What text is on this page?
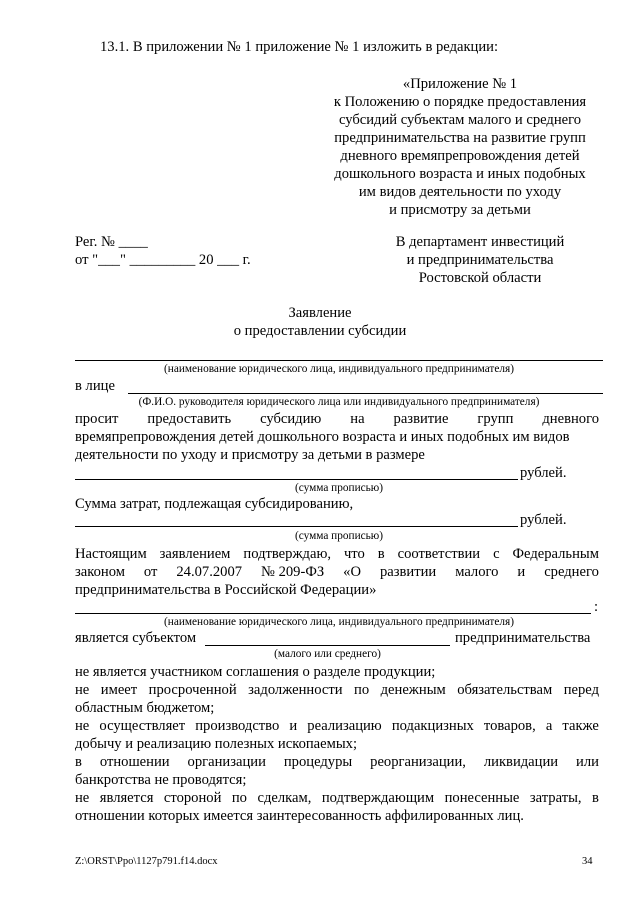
13.1. В приложении № 1 приложение № 1 изложить в редакции:
«Приложение № 1
к Положению о порядке предоставления
субсидий субъектам малого и среднего
предпринимательства на развитие групп
дневного времяпрепровождения детей
дошкольного возраста и иных подобных
им видов деятельности по уходу
и присмотру за детьми
Рег. № ____
от "___" _________ 20 ___ г.
В департамент инвестиций
и предпринимательства
Ростовской области
Заявление
о предоставлении субсидии
(наименование юридического лица, индивидуального предпринимателя)
в лице
(Ф.И.О. руководителя юридического лица или индивидуального предпринимателя)
просит предоставить субсидию на развитие групп дневного
времяпрепровождения детей дошкольного возраста и иных подобных им видов
деятельности по уходу и присмотру за детьми в размере
рублей.
(сумма прописью)
Сумма затрат, подлежащая субсидированию,
рублей.
(сумма прописью)
Настоящим заявлением подтверждаю, что в соответствии с Федеральным
законом от 24.07.2007 № 209-ФЗ «О развитии малого и среднего
предпринимательства в Российской Федерации»
:
(наименование юридического лица, индивидуального предпринимателя)
является субъектом	предпринимательства
(малого или среднего)
не является участником соглашения о разделе продукции;
не имеет просроченной задолженности по денежным обязательствам перед
областным бюджетом;
не осуществляет производство и реализацию подакцизных товаров, а также
добычу и реализацию полезных ископаемых;
в отношении организации процедуры реорганизации, ликвидации или
банкротства не проводятся;
не является стороной по сделкам, подтверждающим понесенные затраты, в
отношении которых имеется заинтересованность аффилированных лиц.
Z:\ORST\Ppo\1127p791.f14.docx	34
